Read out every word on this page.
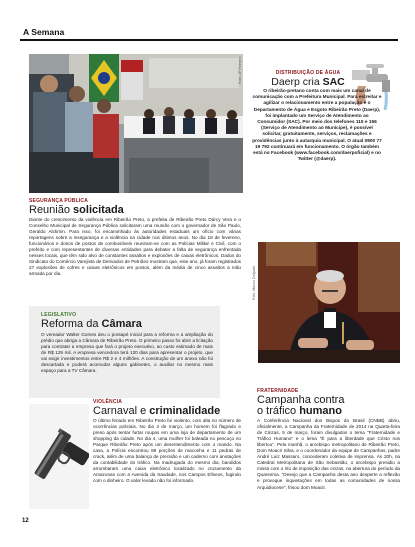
A Semana
Foto: JP Pinheiro
SEGURANÇA PÚBLICA
Reunião solicitada
Diante do crescimento da violência em Ribeirão Preto, a prefeita de Ribeirão Preto Dárcy Vera e o Conselho Municipal de Segurança Pública solicitaram uma reunião com o governador de São Paulo, Geraldo Alckmin. Para isso, foi encaminhado às autoridades estaduais um ofício com várias reportagens sobre a insegurança e a violência na cidade nos últimos anos. No dia 18 de fevereiro, funcionários e donos de postos de combustíveis reuniram-se com as Polícias Militar e Civil, com o prefeito e com representantes de diversas entidades para debater a falta de segurança enfrentada nesses locais, que têm sido alvo de constantes assaltos e explosões de caixas eletrônicos. Dados do Sindicato do Comércio Varejista de Derivados de Petróleo mostram que, este ano, já foram registrados 27 explosões de cofres e caixas eletrônicos em postos, além da média de cinco assaltos a mão armada por dia.
DISTRIBUIÇÃO DE ÁGUA
Daerp cria SAC
O ribeirão-pretano conta com mais um canal de comunicação com a Prefeitura Municipal. Para estreitar e agilizar o relacionamento entre a população e o Departamento de Água e Esgoto Ribeirão Preto (Daerp), foi implantado um Serviço de Atendimento ao Consumidor (SAC). Por meio dos telefones 115 e 156 (Serviço de Atendimento ao Munícipe), é possível solicitar, gratuitamente, serviços, reclamações e providências junto à autarquia municipal. O atual 0800 77 19 792 continuará em funcionamento. O órgão também está no Facebook (www.facebook.com/daerpoficial) e no Twitter (@daerp).
LEGISLATIVO
Reforma da Câmara
O vereador Walter Gomes deu o pontapé inicial para a reforma e a ampliação do prédio que abriga a Câmara de Ribeirão Preto. O primeiro passo foi abrir a licitação para contratar a empresa que fará o projeto executivo, ao custo estimado de mais de R$ 129 mil. A empresa vencedora terá 120 dias para apresentar o projeto, que vai exigir investimentos entre R$ 2 e 4 milhões. A construção de um anexo não foi descartada e poderá acomodar alguns gabinetes, o auxiliar no mesmo mais espaço para a TV Câmara.
Foto: Marcio Delgado
FRATERNIDADE
Campanha contra
o tráfico humano
A Conferência Nacional dos Bispos do Brasil (CNBB) abriu, oficialmente, a Campanha da Fraternidade de 2014 na Quarta-feira de Cinzas, 5 de março, foram divulgados o tema "Fraternidade e Tráfico Humano" e o lema "É para a liberdade que Cristo nos libertou". Pela manhã, o arcebispo metropolitano de Ribeirão Preto, Dom Moacir Silva, e o coordenador da equipe de Campanhas, padre André Luiz Massaro, concederam coletiva de imprensa. Às 20h, na Catedral Metropolitana de São Sebastião, o arcebispo presidiu a missa com o rito de imposição das cinzas, na abertura do período da Quaresma. "Desejo que a Campanha desta ano desperte a reflexão e provoque inquietações em todas as comunidades de nossa Arquidiocese", frisou dom Moacir.
VIOLÊNCIA
Carnaval e criminalidade
O último feriado em Ribeirão Preto foi violento, com alta no número de ocorrências policiais. No dia 3 de março, um homem foi flagrado e preso após tentar furtar roupas em uma loja de departamento de um shopping da cidade. No dia 4, uma mulher foi baleada no pescoço no Parque Ribeirão Preto após um desentendimento com o marido. Na casa, a Polícia encontrou 89 porções de maconha e 11 pedras de crack, além de uma balança de precisão e um caderno com anotações da contabilidade do tráfico. Na madrugada do mesmo dia, bandidos arrombaram uma caixa eletrônico localizado no cruzamento da Amazonas com a Avenida da Saudade, nos Campos Elíseos, fugindo com o dinheiro. O valor levado não foi informado.
12
